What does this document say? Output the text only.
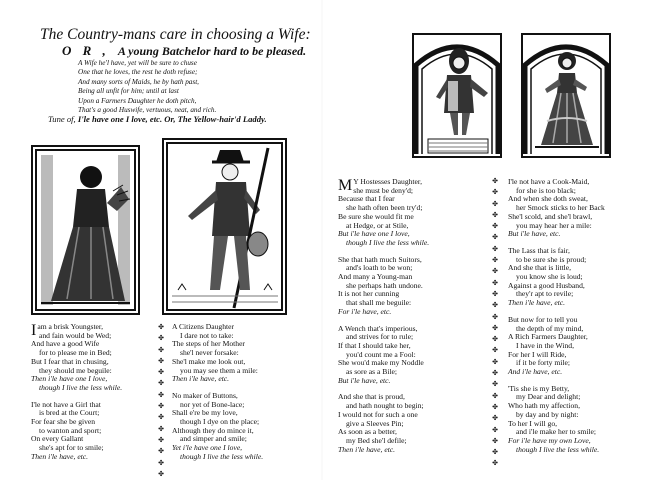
The Country-mans care in choosing a Wife:
O R , A young Batchelor hard to be pleased.
A Wife he'l have, yet will be sure to chuse
One that he loves, the rest he doth refuse;
And many sorts of Maids, he by hath past,
Being all unfit for him; until at last
Upon a Farmers Daughter he doth pitch,
That's a good Huswife, vertuous, neat, and rich.
Tune of, I'le have one I love, etc. Or, The Yellow-hair'd Laddy.
Iam a brisk Youngster,
and fain would be Wed;
And have a good Wife
for to please me in Bed;
But I fear that in chusing,
they should me beguile:
Then i'le have one I love,
though I live the less while.
I'le not have a Girl that
is bred at the Court;
For fear she be given
to wanton and sport;
On every Gallant
she's apt for to smile;
Then i'le have, etc.
✤
✤
✤
✤
✤
✤
✤
✤
✤
✤
✤
✤
✤
✤
A Citizens Daughter
I dare not to take:
The steps of her Mother
she'l never forsake:
She'l make me look out,
you may see them a mile:
Then i'le have, etc.
No maker of Buttons,
nor yet of Bone-lace;
Shall e're be my love,
though I dye on the place;
Although they do mince it,
and simper and smile;
Yet i'le have one I love,
though I live the less while.
M Y Hostesses Daughter,
she must be deny'd;
Because that I fear
she hath often been try'd;
Be sure she would fit me
at Hedge, or at Stile,
But i'le have one I love,
though I live the less while.
She that hath much Suitors,
and's loath to be won;
And many a Young-man
she perhaps hath undone.
It is not her cunning
that shall me beguile:
For i'le have, etc.
A Wench that's imperious,
and strives for to rule;
If that I should take her,
you'd count me a Fool:
She wou'd make my Noddle
as sore as a Bile;
But i'le have, etc.
And she that is proud,
and hath nought to begin;
I would not for such a one
give a Sleeves Pin;
As soon as a better,
my Bed she'l defile;
Then i'le have, etc.
✤
✤
✤
✤
✤
✤
✤
✤
✤
✤
✤
✤
✤
✤
✤
✤
✤
✤
✤
✤
✤
✤
✤
✤
✤
✤
I'le not have a Cook-Maid,
for she is too black;
And when she doth sweat,
her Smock sticks to her Back
She'l scold, and she'l brawl,
you may hear her a mile:
But i'le have, etc.
The Lass that is fair,
to be sure she is proud;
And she that is little,
you know she is loud;
Against a good Husband,
they'r apt to revile;
Then i'le have, etc.
But now for to tell you
the depth of my mind,
A Rich Farmers Daughter,
I have in the Wind,
For her I will Ride,
if it be forty mile;
And i'le have, etc.
'Tis she is my Betty,
my Dear and delight;
Who hath my affection,
by day and by night:
To her I will go,
and i'le make her to smile;
For i'le have my own Love,
though I live the less while.
